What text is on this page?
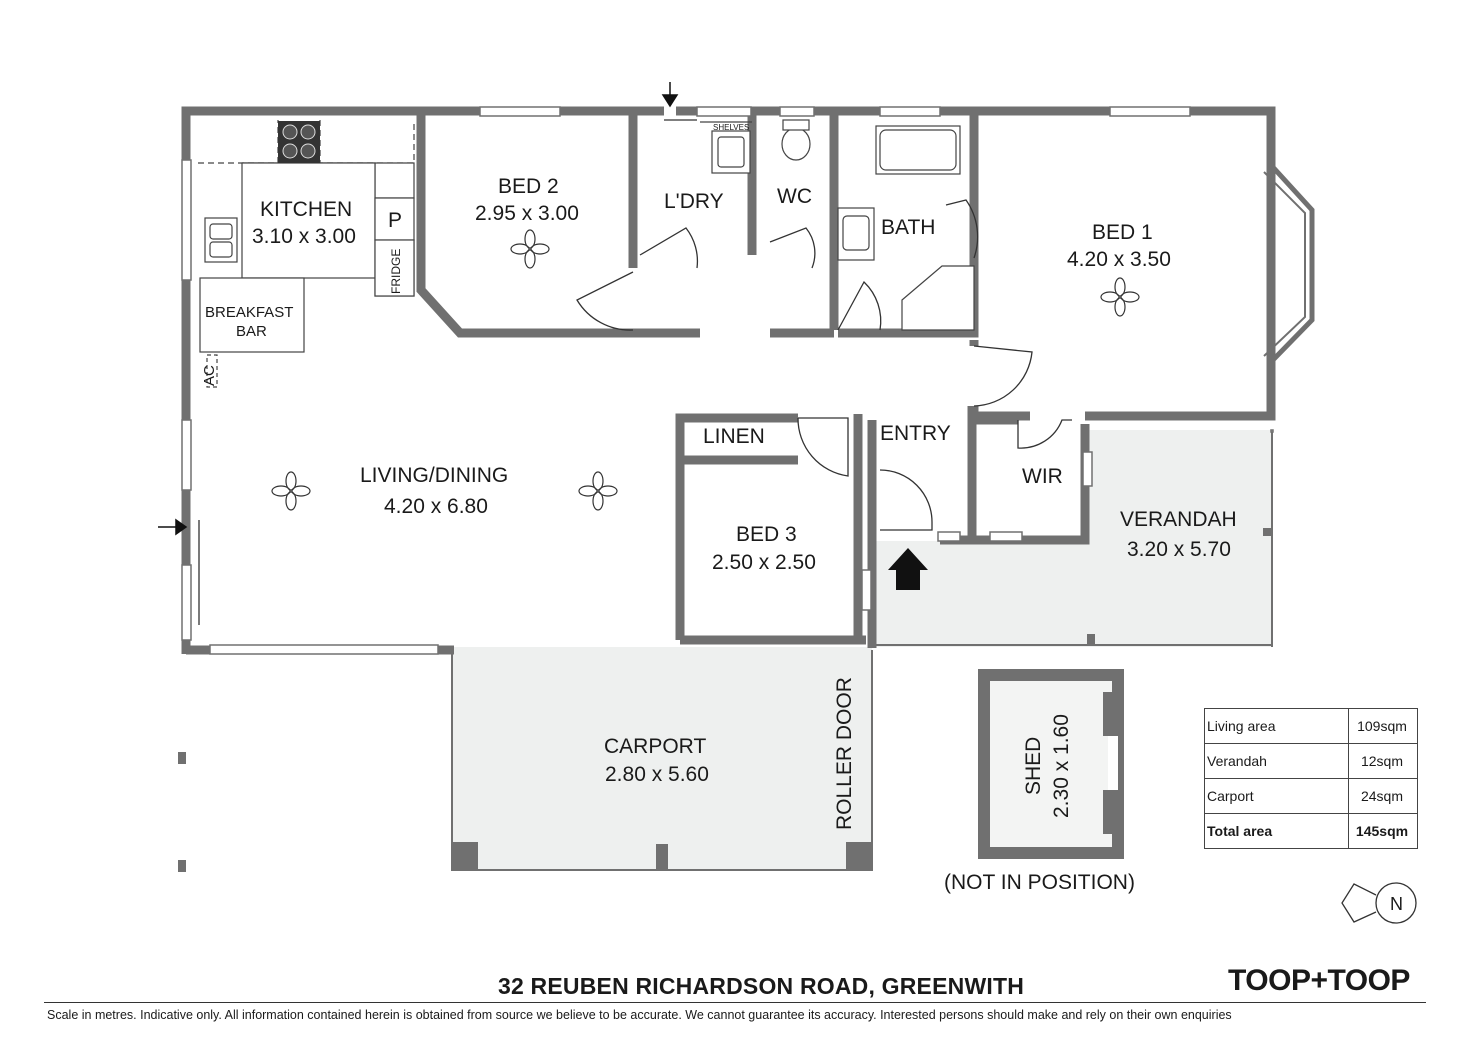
N
KITCHEN
3.10 x 3.00
BED 2
2.95 x 3.00
L'DRY	WC
BATH	BED 1
4.20 x 3.50
LIVING/DINING
4.20 x 6.80
LINEN	ENTRY
WIR
BED 3
2.50 x 2.50
VERANDAH
3.20 x 5.70
CARPORT
2.80 x 5.60	SHED 2.30 x 1.60
P
FRIDGE
BREAKFAST
BAR
AC
SHELVES
ROLLER DOOR
(NOT IN POSITION)
Living area	109sqm
Verandah	12sqm
Carport	24sqm
Total area	145sqm
32 REUBEN RICHARDSON ROAD, GREENWITH	TOOP+TOOP
Scale in metres. Indicative only. All information contained herein is obtained from source we believe to be accurate. We cannot guarantee its accuracy. Interested persons should make and rely on their own enquiries
